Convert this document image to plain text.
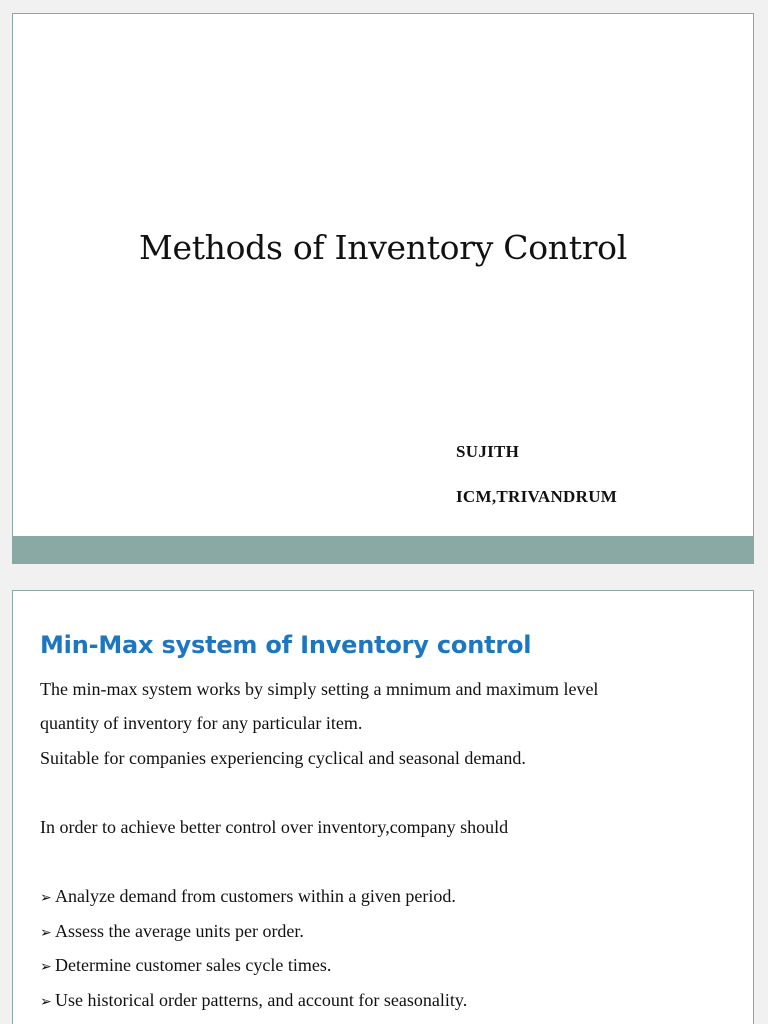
Methods of Inventory Control
SUJITH
ICM,TRIVANDRUM
Min-Max system of Inventory control
The min-max system works by simply setting a mnimum and maximum level
quantity of inventory for any particular item.
Suitable for companies experiencing cyclical and seasonal demand.
In order to achieve better control over inventory,company should
➢ Analyze demand from customers within a given period.
➢ Assess the average units per order.
➢ Determine customer sales cycle times.
➢ Use historical order patterns, and account for seasonality.
